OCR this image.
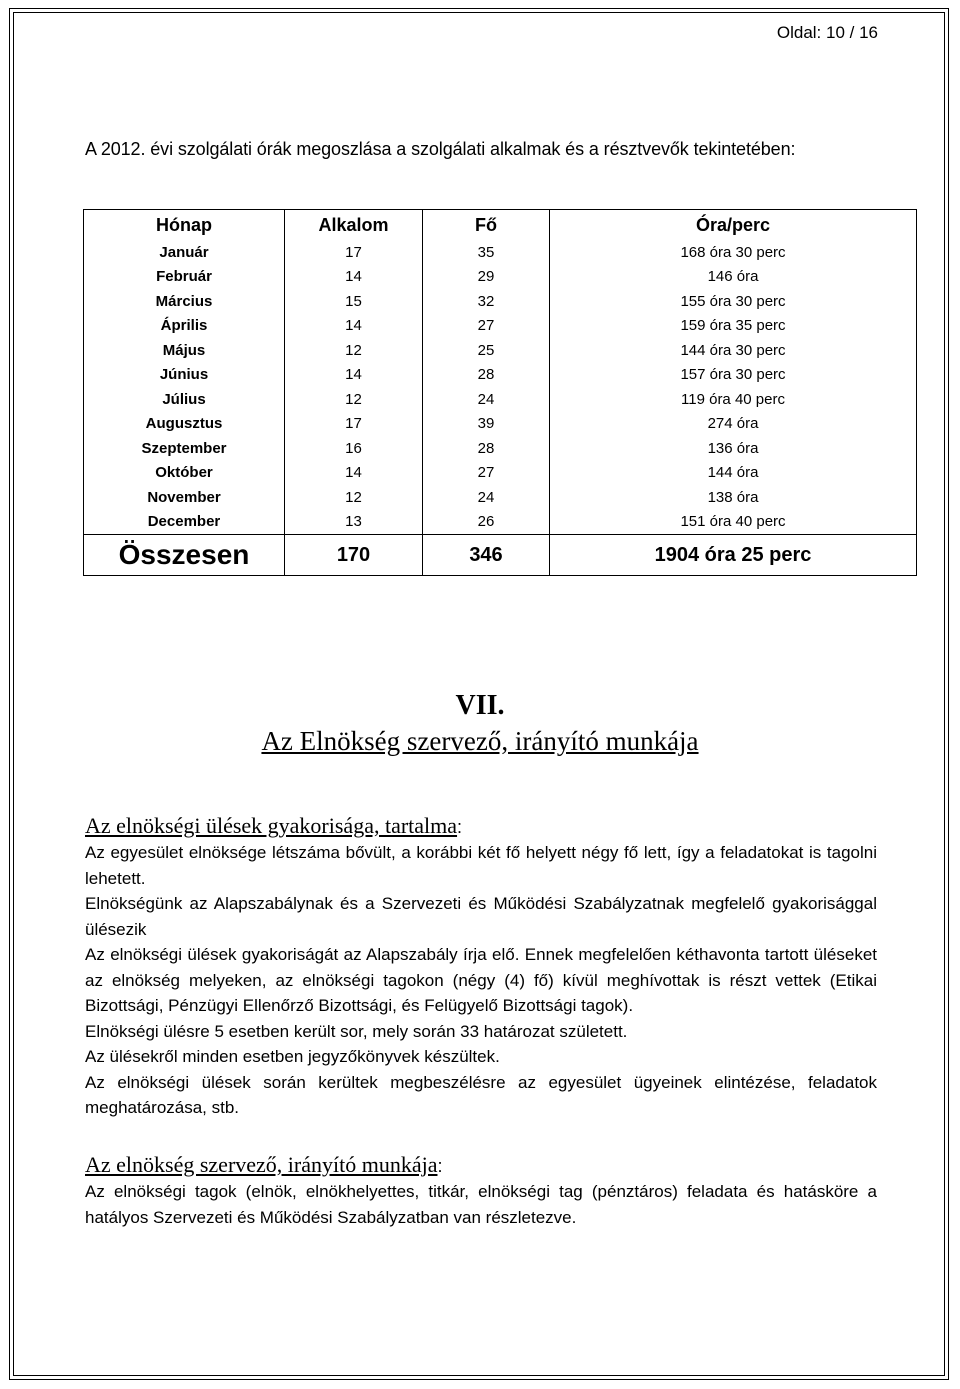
Oldal: 10 / 16
A 2012. évi szolgálati órák megoszlása a szolgálati alkalmak és a résztvevők tekintetében:
Hónap	Alkalom	Fő	Óra/perc
Január	17	35	168 óra 30 perc
Február	14	29	146 óra
Március	15	32	155 óra 30 perc
Április	14	27	159 óra 35 perc
Május	12	25	144 óra 30 perc
Június	14	28	157 óra 30 perc
Július	12	24	119 óra 40 perc
Augusztus	17	39	274 óra
Szeptember	16	28	136 óra
Október	14	27	144 óra
November	12	24	138 óra
December	13	26	151 óra 40 perc
Összesen	170	346	1904 óra 25 perc
VII.
Az Elnökség szervező, irányító munkája
Az elnökségi ülések gyakorisága, tartalma:

Az egyesület elnöksége létszáma bővült, a korábbi két fő helyett négy fő lett, így a feladatokat is tagolni lehetett.

Elnökségünk az Alapszabálynak és a Szervezeti és Működési Szabályzatnak megfelelő gyakorisággal ülésezik

Az elnökségi ülések gyakoriságát az Alapszabály írja elő. Ennek megfelelően kéthavonta tartott üléseket az elnökség melyeken, az elnökségi tagokon (négy (4) fő) kívül meghívottak is részt vettek (Etikai Bizottsági, Pénzügyi Ellenőrző Bizottsági, és Felügyelő Bizottsági tagok).

Elnökségi ülésre 5 esetben került sor, mely során 33 határozat született.

Az ülésekről minden esetben jegyzőkönyvek készültek.

Az elnökségi ülések során kerültek megbeszélésre az egyesület ügyeinek elintézése, feladatok meghatározása, stb.

Az elnökség szervező, irányító munkája:

Az elnökségi tagok (elnök, elnökhelyettes, titkár, elnökségi tag (pénztáros) feladata és hatásköre a hatályos Szervezeti és Működési Szabályzatban van részletezve.
